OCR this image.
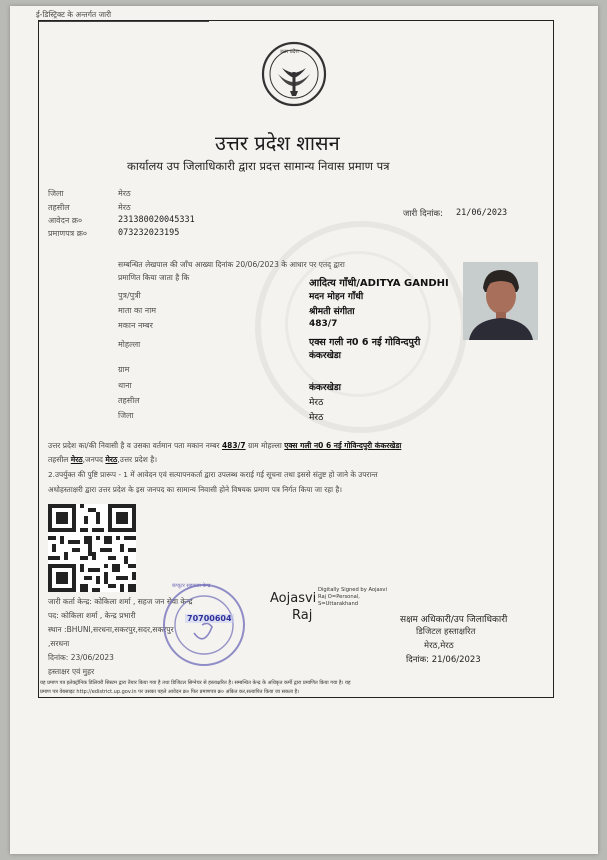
ई-डिस्ट्रिक्ट के अन्तर्गत जारी
उत्तर प्रदेश
उत्तर प्रदेश शासन
कार्यालय उप जिलाधिकारी द्वारा प्रदत्त सामान्य निवास प्रमाण पत्र
जिला	मेरठ
तहसील	मेरठ
आवेदन क्र०	231380020045331
प्रमाणपत्र क्र०	073232023195
जारी दिनांक: 21/06/2023
सम्बन्धित लेखपाल की जाँच आख्या दिनांक 20/06/2023 के आधार पर एतद् द्वारा
प्रमाणित किया जाता है कि
आदित्य गाँधी/ADITYA GANDHI
पुत्र/पुत्री	मदन मोहन गाँधी
माता का नाम	श्रीमती संगीता
मकान नम्बर	483/7
मोहल्ला	एक्स गली न0 6 नई गोविन्दपुरी
कंकरखेडा
ग्राम
थाना	कंकरखेडा
तहसील	मेरठ
जिला	मेरठ
उत्तर प्रदेश का/की निवासी है व उसका वर्तमान पता मकान नम्बर 483/7 ग्राम मोहल्ला एक्स गली न0 6 नई गोविन्दपुरी कंकरखेडा
तहसील मेरठ,जनपद मेरठ,उत्तर प्रदेश है।
2.उपर्युक्त की पुष्टि प्रारूप - 1 में आवेदन एवं सत्यापनकर्ता द्वारा उपलब्ध कराई गई सूचना तथा इससे संतुष्ट हो जाने के उपरान्त
अधोहस्ताक्षरी द्वारा उत्तर प्रदेश के इस जनपद का सामान्य निवासी होने विषयक प्रमाण पत्र निर्गत किया जा रहा है।
जारी कर्ता केन्द्र: कोकिला शर्मा , सहज जन सेवा केन्द्र
पद: कोकिला शर्मा , केन्द्र प्रभारी
स्थान :BHUNI,सरधना,सकरपुर,सदर,सकरपुर
,सरधना
दिनांक: 23/06/2023
हस्ताक्षर एवं मुहर
70700604
कंप्यूटर सहायता केन्द्र
Aojasvi
Raj
Digitally Signed by Aojasvi
Raj O=Personal,
S=Uttarakhand
सक्षम अधिकारी/उप जिलाधिकारी
डिजिटल हस्ताक्षरित
मेरठ,मेरठ
दिनांक: 21/06/2023
यह प्रमाण पत्र इलेक्ट्रॉनिक डिलिवरी सिस्टम द्वारा तैयार किया गया है तथा डिजिटल सिग्नेचर से हस्ताक्षरित है। सम्बन्धित केन्द्र के अधिकृत कर्मी द्वारा प्रमाणित किया गया है। यह
प्रमाण पत्र वेबसाइट http://edistrict.up.gov.in पर उसका पहले आवेदन क्र० फिर प्रमाणपत्र क्र० अंकित कर,सत्यापित किया जा सकता है।
